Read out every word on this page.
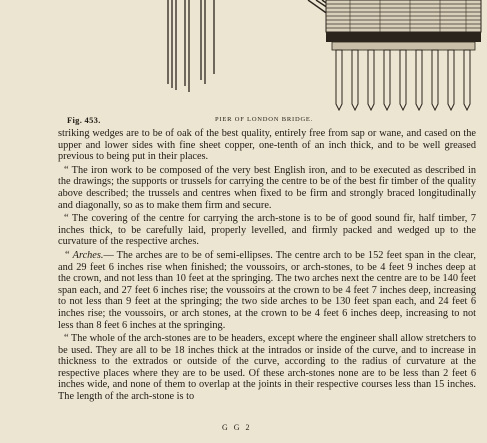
Fig. 453.	PIER OF LONDON BRIDGE.

striking wedges are to be of oak of the best quality, entirely free from sap or wane, and cased on the upper and lower sides with fine sheet copper, one-tenth of an inch thick, and to be well greased previous to being put in their places.

“ The iron work to be composed of the very best English iron, and to be executed as described in the drawings; the supports or trussels for carrying the centre to be of the best fir timber of the quality above described; the trussels and centres when fixed to be firm and strongly braced longitudinally and diagonally, so as to make them firm and secure.

“ The covering of the centre for carrying the arch-stone is to be of good sound fir, half timber, 7 inches thick, to be carefully laid, properly levelled, and firmly packed and wedged up to the curvature of the respective arches.

“ Arches.— The arches are to be of semi-ellipses. The centre arch to be 152 feet span in the clear, and 29 feet 6 inches rise when finished; the voussoirs, or arch-stones, to be 4 feet 9 inches deep at the crown, and not less than 10 feet at the springing. The two arches next the centre are to be 140 feet span each, and 27 feet 6 inches rise; the voussoirs at the crown to be 4 feet 7 inches deep, increasing to not less than 9 feet at the springing; the two side arches to be 130 feet span each, and 24 feet 6 inches rise; the voussoirs, or arch stones, at the crown to be 4 feet 6 inches deep, increasing to not less than 8 feet 6 inches at the springing.

“ The whole of the arch-stones are to be headers, except where the engineer shall allow stretchers to be used. They are all to be 18 inches thick at the intrados or inside of the curve, and to increase in thickness to the extrados or outside of the curve, according to the radius of curvature at the respective places where they are to be used. Of these arch-stones none are to be less than 2 feet 6 inches wide, and none of them to overlap at the joints in their respective courses less than 15 inches. The length of the arch-stone is to

G G 2
